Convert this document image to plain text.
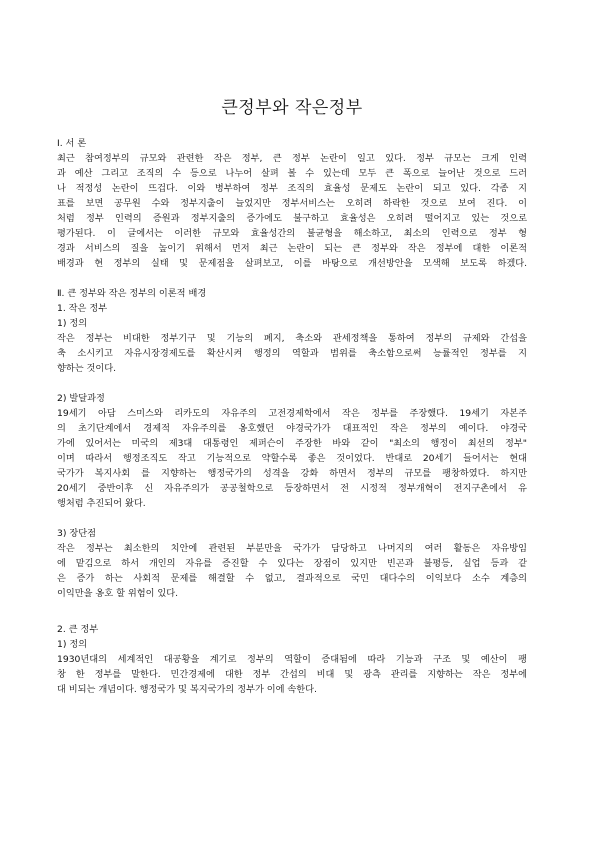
큰정부와 작은정부
Ⅰ. 서 론
최근 참여정부의 규모와 관련한 작은 정부, 큰 정부 논란이 일고 있다. 정부 규모는 크게 인력
과 예산 그리고 조직의 수 등으로 나누어 살펴 볼 수 있는데 모두 큰 폭으로 늘어난 것으로 드러
나 적정성 논란이 뜨겁다. 이와 병부하여 정부 조직의 효율성 문제도 논란이 되고 있다. 각종 지
표를 보면 공무원 수와 정부지출이 늘었지만 정부서비스는 오히려 하락한 것으로 보여 진다. 이
처럼 정부 인력의 증원과 정부지출의 증가에도 불구하고 효율성은 오히려 떨어지고 있는 것으로
평가된다. 이 글에서는 이러한 규모와 효율성간의 불균형을 해소하고, 최소의 인력으로 정부 형
경과 서비스의 질을 높이기 위해서 먼저 최근 논란이 되는 큰 정부와 작은 정부에 대한 이론적
배경과 현 정부의 실태 및 문제점을 살펴보고, 이를 바탕으로 개선방안을 모색해 보도록 하겠다.
Ⅱ. 큰 정부와 작은 정부의 이론적 배경
1. 작은 정부
1) 정의
작은 정부는 비대한 정부기구 및 기능의 폐지, 축소와 관세정책을 통하여 정부의 규제와 간섭을
축 소시키고 자유시장경제도를 확산시켜 행정의 역할과 범위를 축소함으로써 능률적인 정부를 지
향하는 것이다.
2) 발달과정
19세기 아담 스미스와 리카도의 자유주의 고전경제학에서 작은 정부를 주장했다. 19세기 자본주
의 초기단계에서 경제적 자유주의를 옹호했던 야경국가가 대표적인 작은 정부의 예이다. 야경국
가에 있어서는 미국의 제3대 대통령인 제퍼슨이 주장한 바와 같이 "최소의 행정이 최선의 정부"
이며 따라서 행정조직도 작고 기능적으로 약할수록 좋은 것이었다. 반대로 20세기 들어서는 현대
국가가 복지사회 를 지향하는 행정국가의 성격을 강화 하면서 정부의 규모를 팽창하였다. 하지만
20세기 중반이후 신 자유주의가 공공철학으로 등장하면서 전 시정적 정부개혁이 전지구촌에서 유
행처럼 추진되어 왔다.
3) 장단점
작은 정부는 최소한의 치안에 관련된 부분만을 국가가 담당하고 나머지의 여러 활동은 자유방임
에 맡김으로 하서 개인의 자유를 증진할 수 있다는 장점이 있지만 빈곤과 불평등, 실업 등과 같
은 증가 하는 사회적 문제를 해결할 수 없고, 결과적으로 국민 대다수의 이익보다 소수 계층의
이익만을 옹호 할 위험이 있다.
2. 큰 정부
1) 정의
1930년대의 세계적인 대공황을 계기로 정부의 역할이 증대됨에 따라 기능과 구조 및 예산이 팽
창 한 정부를 말한다. 민간경제에 대한 정부 간섭의 비대 및 광측 관리를 지향하는 작은 정부에
대 비되는 개념이다. 행정국가 및 복지국가의 정부가 이에 속한다.
